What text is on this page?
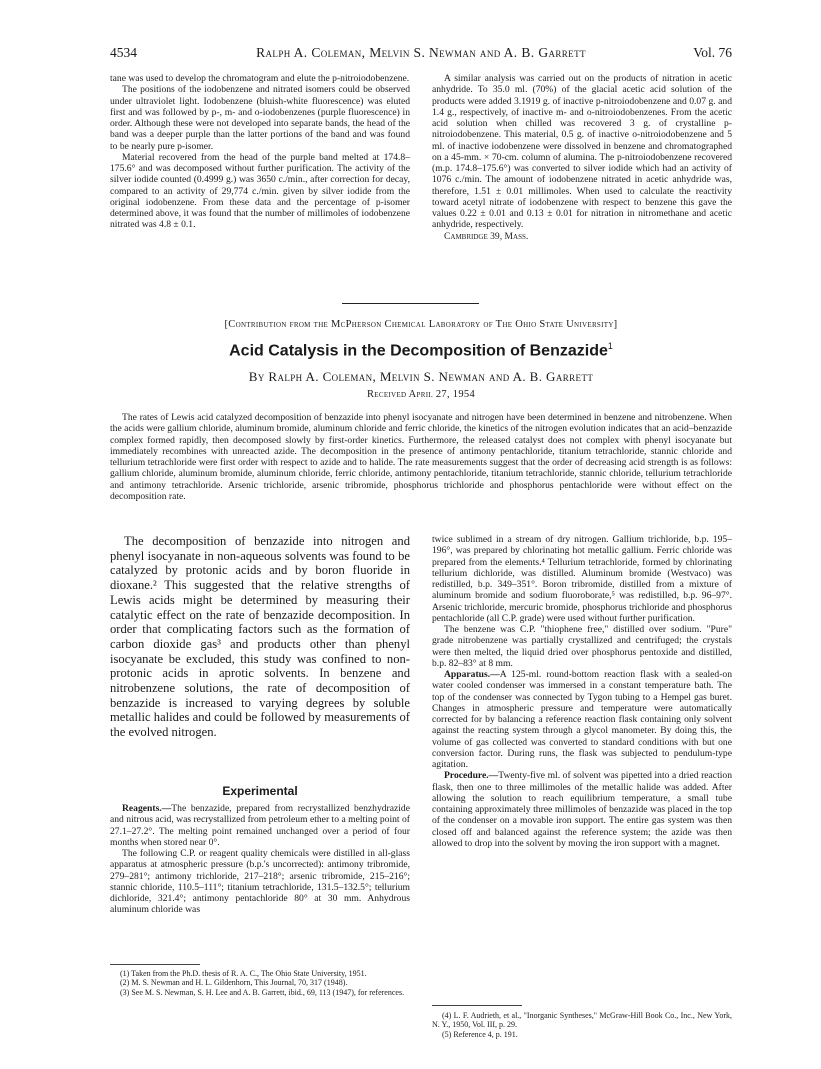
4534	Ralph A. Coleman, Melvin S. Newman and A. B. Garrett	Vol. 76

tane was used to develop the chromatogram and elute the p-nitroiodobenzene.

The positions of the iodobenzene and nitrated isomers could be observed under ultraviolet light. Iodobenzene (bluish-white fluorescence) was eluted first and was followed by p-, m- and o-iodobenzenes (purple fluorescence) in order. Although these were not developed into separate bands, the head of the band was a deeper purple than the latter portions of the band and was found to be nearly pure p-isomer.

Material recovered from the head of the purple band melted at 174.8–175.6° and was decomposed without further purification. The activity of the silver iodide counted (0.4999 g.) was 3650 c./min., after correction for decay, compared to an activity of 29,774 c./min. given by silver iodide from the original iodobenzene. From these data and the percentage of p-isomer determined above, it was found that the number of millimoles of iodobenzene nitrated was 4.8 ± 0.1.

A similar analysis was carried out on the products of nitration in acetic anhydride. To 35.0 ml. (70%) of the glacial acetic acid solution of the products were added 3.1919 g. of inactive p-nitroiodobenzene and 0.07 g. and 1.4 g., respectively, of inactive m- and o-nitroiodobenzenes. From the acetic acid solution when chilled was recovered 3 g. of crystalline p-nitroiodobenzene. This material, 0.5 g. of inactive o-nitroiodobenzene and 5 ml. of inactive iodobenzene were dissolved in benzene and chromatographed on a 45-mm. × 70-cm. column of alumina. The p-nitroiodobenzene recovered (m.p. 174.8–175.6°) was converted to silver iodide which had an activity of 1076 c./min. The amount of iodobenzene nitrated in acetic anhydride was, therefore, 1.51 ± 0.01 millimoles. When used to calculate the reactivity toward acetyl nitrate of iodobenzene with respect to benzene this gave the values 0.22 ± 0.01 and 0.13 ± 0.01 for nitration in nitromethane and acetic anhydride, respectively.

Cambridge 39, Mass.

[Contribution from the McPherson Chemical Laboratory of The Ohio State University]
Acid Catalysis in the Decomposition of Benzazide$^1$
By Ralph A. Coleman, Melvin S. Newman and A. B. Garrett
Received April 27, 1954

The rates of Lewis acid catalyzed decomposition of benzazide into phenyl isocyanate and nitrogen have been determined in benzene and nitrobenzene. When the acids were gallium chloride, aluminum bromide, aluminum chloride and ferric chloride, the kinetics of the nitrogen evolution indicates that an acid–benzazide complex formed rapidly, then decomposed slowly by first-order kinetics. Furthermore, the released catalyst does not complex with phenyl isocyanate but immediately recombines with unreacted azide. The decomposition in the presence of antimony pentachloride, titanium tetrachloride, stannic chloride and tellurium tetrachloride were first order with respect to azide and to halide. The rate measurements suggest that the order of decreasing acid strength is as follows: gallium chloride, aluminum bromide, aluminum chloride, ferric chloride, antimony pentachloride, titanium tetrachloride, stannic chloride, tellurium tetrachloride and antimony tetrachloride. Arsenic trichloride, arsenic tribromide, phosphorus trichloride and phosphorus pentachloride were without effect on the decomposition rate.

The decomposition of benzazide into nitrogen and phenyl isocyanate in non-aqueous solvents was found to be catalyzed by protonic acids and by boron fluoride in dioxane.² This suggested that the relative strengths of Lewis acids might be determined by measuring their catalytic effect on the rate of benzazide decomposition. In order that complicating factors such as the formation of carbon dioxide gas³ and products other than phenyl isocyanate be excluded, this study was confined to non-protonic acids in aprotic solvents. In benzene and nitrobenzene solutions, the rate of decomposition of benzazide is increased to varying degrees by soluble metallic halides and could be followed by measurements of the evolved nitrogen.

Experimental

Reagents.—The benzazide, prepared from recrystallized benzhydrazide and nitrous acid, was recrystallized from petroleum ether to a melting point of 27.1–27.2°. The melting point remained unchanged over a period of four months when stored near 0°.

The following C.P. or reagent quality chemicals were distilled in all-glass apparatus at atmospheric pressure (b.p.'s uncorrected): antimony tribromide, 279–281°; antimony trichloride, 217–218°; arsenic tribromide, 215–216°; stannic chloride, 110.5–111°; titanium tetrachloride, 131.5–132.5°; tellurium dichloride, 321.4°; antimony pentachloride 80° at 30 mm. Anhydrous aluminum chloride was

(1) Taken from the Ph.D. thesis of R. A. C., The Ohio State University, 1951.

(2) M. S. Newman and H. L. Gildenhorn, This Journal, 70, 317 (1948).

(3) See M. S. Newman, S. H. Lee and A. B. Garrett, ibid., 69, 113 (1947), for references.

twice sublimed in a stream of dry nitrogen. Gallium trichloride, b.p. 195–196°, was prepared by chlorinating hot metallic gallium. Ferric chloride was prepared from the elements.⁴ Tellurium tetrachloride, formed by chlorinating tellurium dichloride, was distilled. Aluminum bromide (Westvaco) was redistilled, b.p. 349–351°. Boron tribromide, distilled from a mixture of aluminum bromide and sodium fluoroborate,⁵ was redistilled, b.p. 96–97°. Arsenic trichloride, mercuric bromide, phosphorus trichloride and phosphorus pentachloride (all C.P. grade) were used without further purification.

The benzene was C.P. "thiophene free," distilled over sodium. "Pure" grade nitrobenzene was partially crystallized and centrifuged; the crystals were then melted, the liquid dried over phosphorus pentoxide and distilled, b.p. 82–83° at 8 mm.

Apparatus.—A 125-ml. round-bottom reaction flask with a sealed-on water cooled condenser was immersed in a constant temperature bath. The top of the condenser was connected by Tygon tubing to a Hempel gas buret. Changes in atmospheric pressure and temperature were automatically corrected for by balancing a reference reaction flask containing only solvent against the reacting system through a glycol manometer. By doing this, the volume of gas collected was converted to standard conditions with but one conversion factor. During runs, the flask was subjected to pendulum-type agitation.

Procedure.—Twenty-five ml. of solvent was pipetted into a dried reaction flask, then one to three millimoles of the metallic halide was added. After allowing the solution to reach equilibrium temperature, a small tube containing approximately three millimoles of benzazide was placed in the top of the condenser on a movable iron support. The entire gas system was then closed off and balanced against the reference system; the azide was then allowed to drop into the solvent by moving the iron support with a magnet.

(4) L. F. Audrieth, et al., "Inorganic Syntheses," McGraw-Hill Book Co., Inc., New York, N. Y., 1950, Vol. III, p. 29.

(5) Reference 4, p. 191.
